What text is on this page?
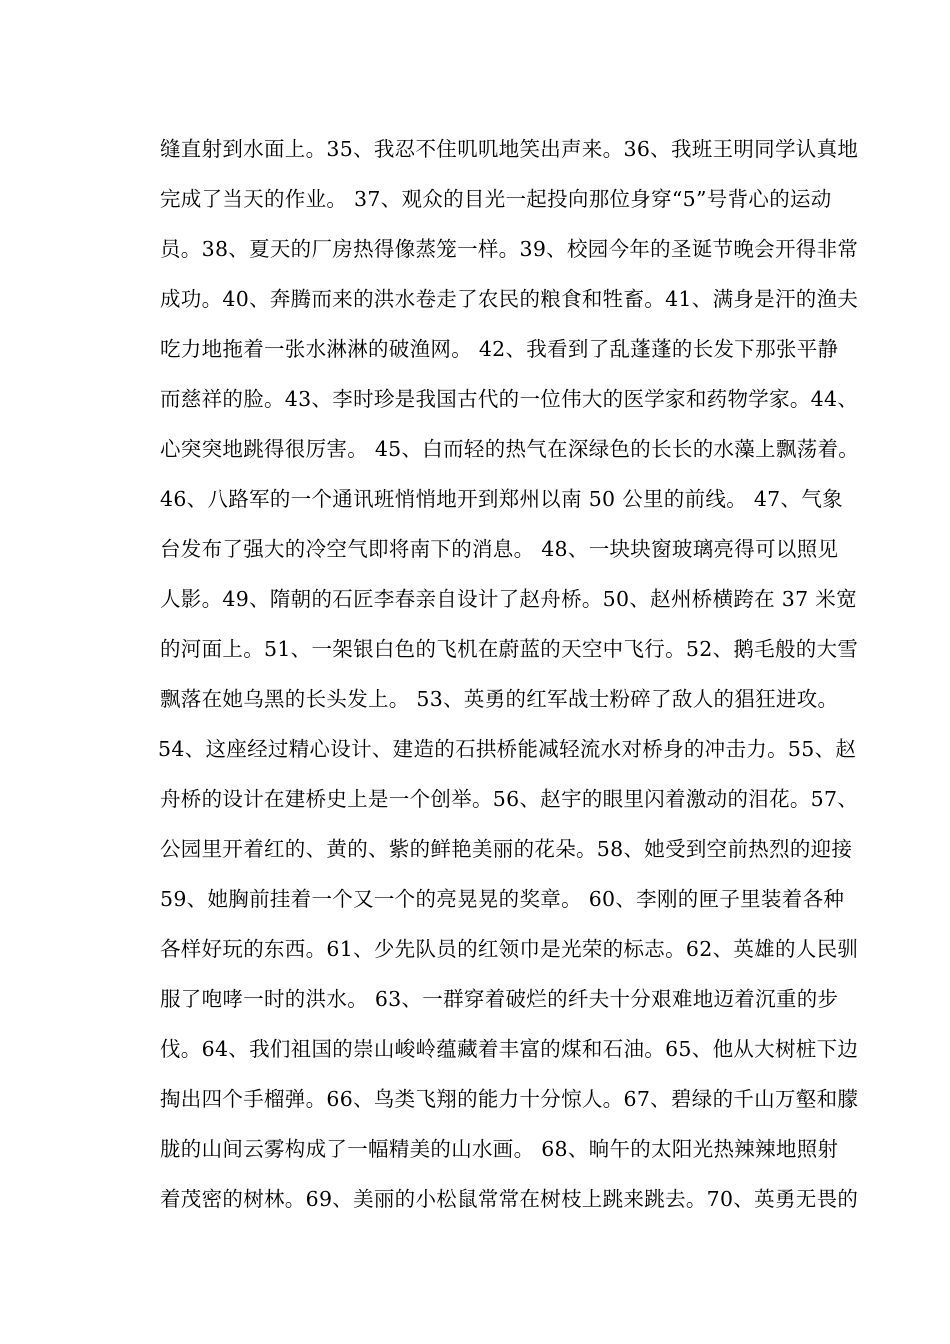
缝直射到水面上。35、我忍不住叽叽地笑出声来。36、我班王明同学认真地
完成了当天的作业。 37、观众的目光一起投向那位身穿“5”号背心的运动
员。38、夏天的厂房热得像蒸笼一样。39、校园今年的圣诞节晚会开得非常
成功。40、奔腾而来的洪水卷走了农民的粮食和牲畜。41、满身是汗的渔夫
吃力地拖着一张水淋淋的破渔网。 42、我看到了乱蓬蓬的长发下那张平静
而慈祥的脸。43、李时珍是我国古代的一位伟大的医学家和药物学家。44、
心突突地跳得很厉害。 45、白而轻的热气在深绿色的长长的水藻上飘荡着。
46、八路军的一个通讯班悄悄地开到郑州以南 50 公里的前线。 47、气象
台发布了强大的冷空气即将南下的消息。 48、一块块窗玻璃亮得可以照见
人影。49、隋朝的石匠李春亲自设计了赵舟桥。50、赵州桥横跨在 37 米宽
的河面上。51、一架银白色的飞机在蔚蓝的天空中飞行。52、鹅毛般的大雪
飘落在她乌黑的长头发上。 53、英勇的红军战士粉碎了敌人的猖狂进攻。
54、这座经过精心设计、建造的石拱桥能减轻流水对桥身的冲击力。55、赵
舟桥的设计在建桥史上是一个创举。56、赵宇的眼里闪着激动的泪花。57、
公园里开着红的、黄的、紫的鲜艳美丽的花朵。58、她受到空前热烈的迎接
59、她胸前挂着一个又一个的亮晃晃的奖章。 60、李刚的匣子里装着各种
各样好玩的东西。61、少先队员的红领巾是光荣的标志。62、英雄的人民驯
服了咆哮一时的洪水。 63、一群穿着破烂的纤夫十分艰难地迈着沉重的步
伐。64、我们祖国的崇山峻岭蕴藏着丰富的煤和石油。65、他从大树桩下边
掏出四个手榴弹。66、鸟类飞翔的能力十分惊人。67、碧绿的千山万壑和朦
胧的山间云雾构成了一幅精美的山水画。 68、晌午的太阳光热辣辣地照射
着茂密的树林。69、美丽的小松鼠常常在树枝上跳来跳去。70、英勇无畏的
